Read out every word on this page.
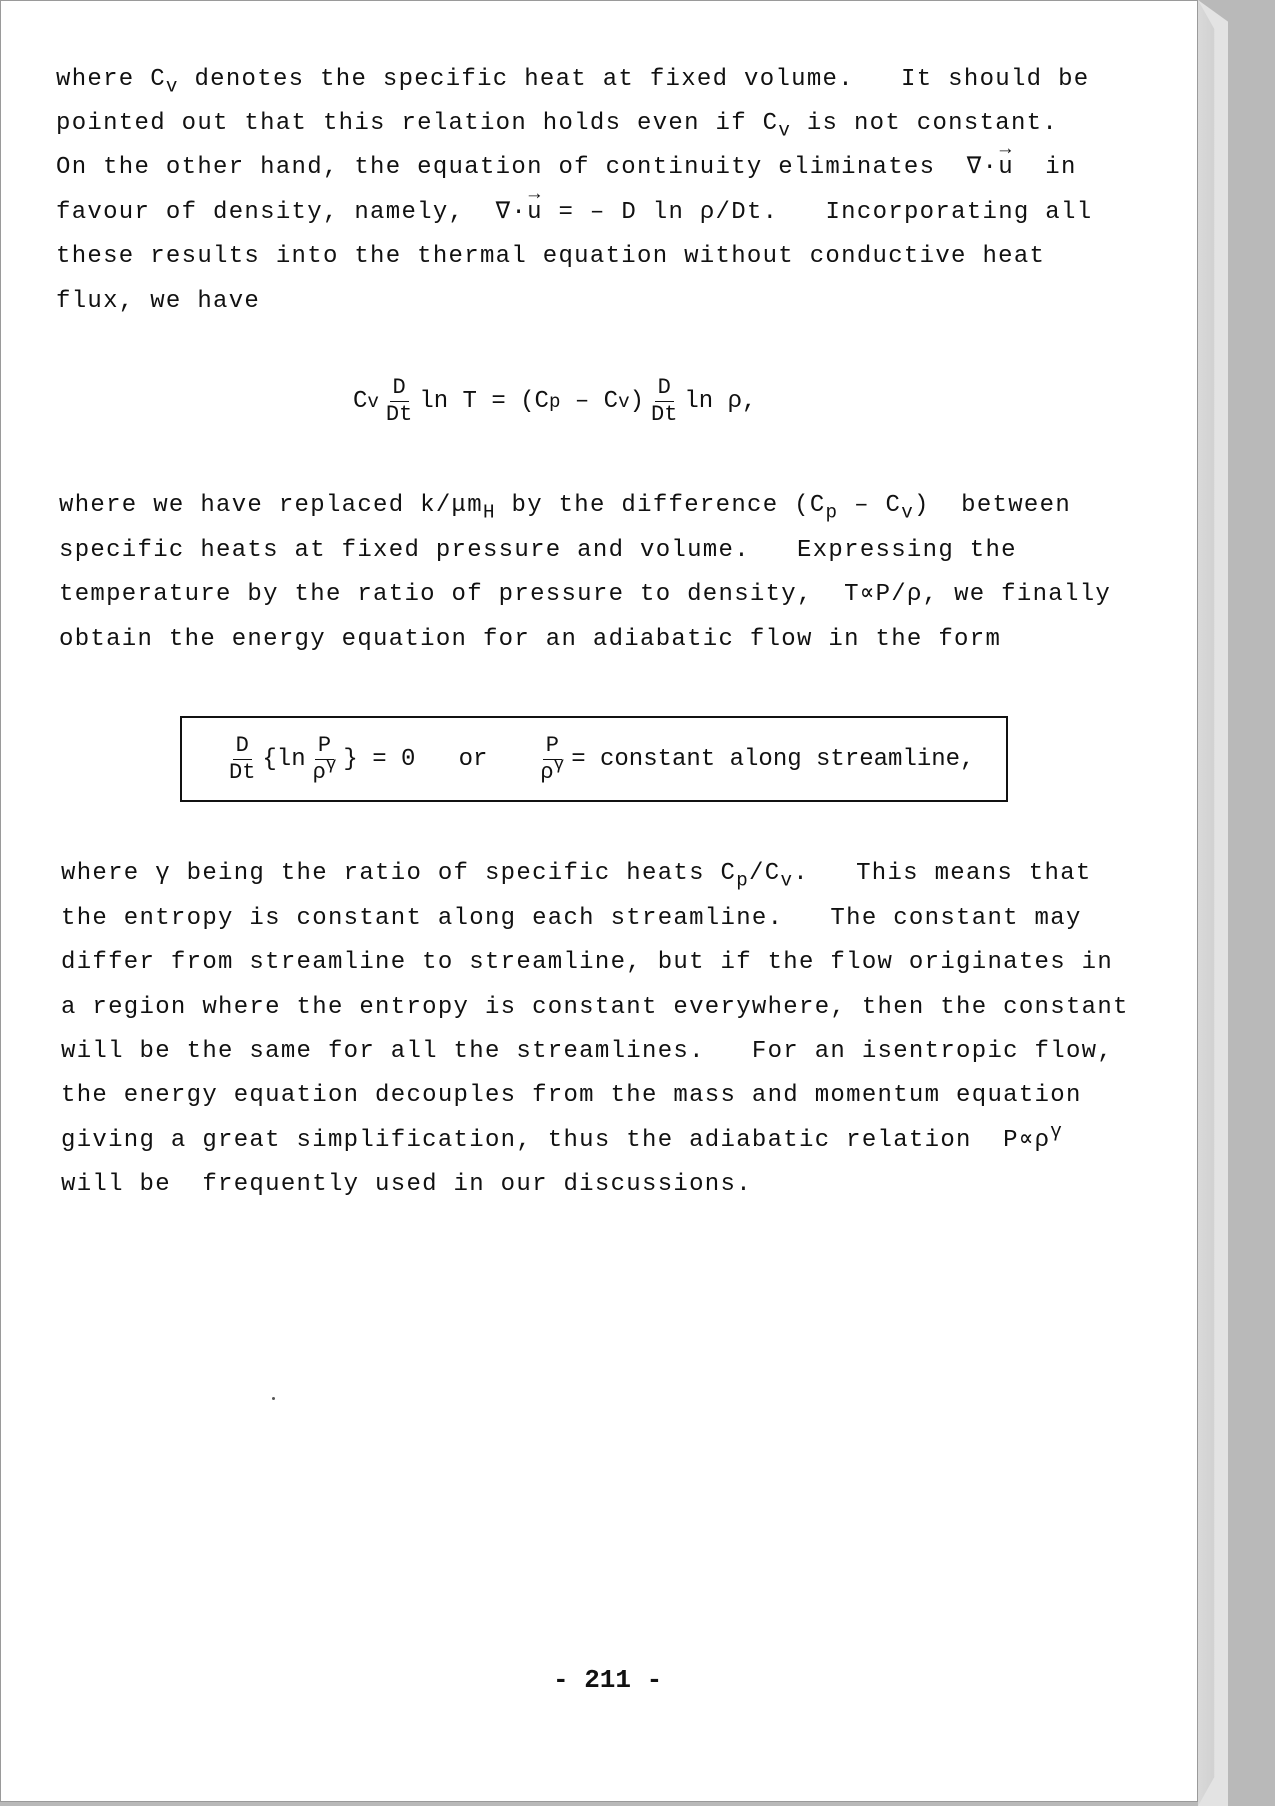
where $C_v$ denotes the specific heat at fixed volume.   It should be
pointed out that this relation holds even if $C_v$ is not constant.
On the other hand, the equation of continuity eliminates  ∇·→ u  in
favour of density, namely,  ∇·→ u = – D ln ρ/Dt.   Incorporating all
these results into the thermal equation without conductive heat
flux, we have
C v $\frac{D}{Dt}$ ln T = (C p – C v ) $\frac{D}{Dt}$ ln ρ,
where we have replaced $k/\mu m_H$ by the difference $(C_p - C_v)$  between
specific heats at fixed pressure and volume.   Expressing the
temperature by the ratio of pressure to density,  T∝P/ρ, we finally
obtain the energy equation for an adiabatic flow in the form
$\frac{D}{Dt} \{\ln \frac{P}{\rho^\gamma}$ } = 0   or $\frac{P}{\rho^\gamma}$ = constant along streamline,
where γ being the ratio of specific heats $C_p/C_v$.   This means that
the entropy is constant along each streamline.   The constant may
differ from streamline to streamline, but if the flow originates in
a region where the entropy is constant everywhere, then the constant
will be the same for all the streamlines.   For an isentropic flow,
the energy equation decouples from the mass and momentum equation
giving a great simplification, thus the adiabatic relation  $P\propto\rho^\gamma$
will be  frequently used in our discussions.
- 211 -
